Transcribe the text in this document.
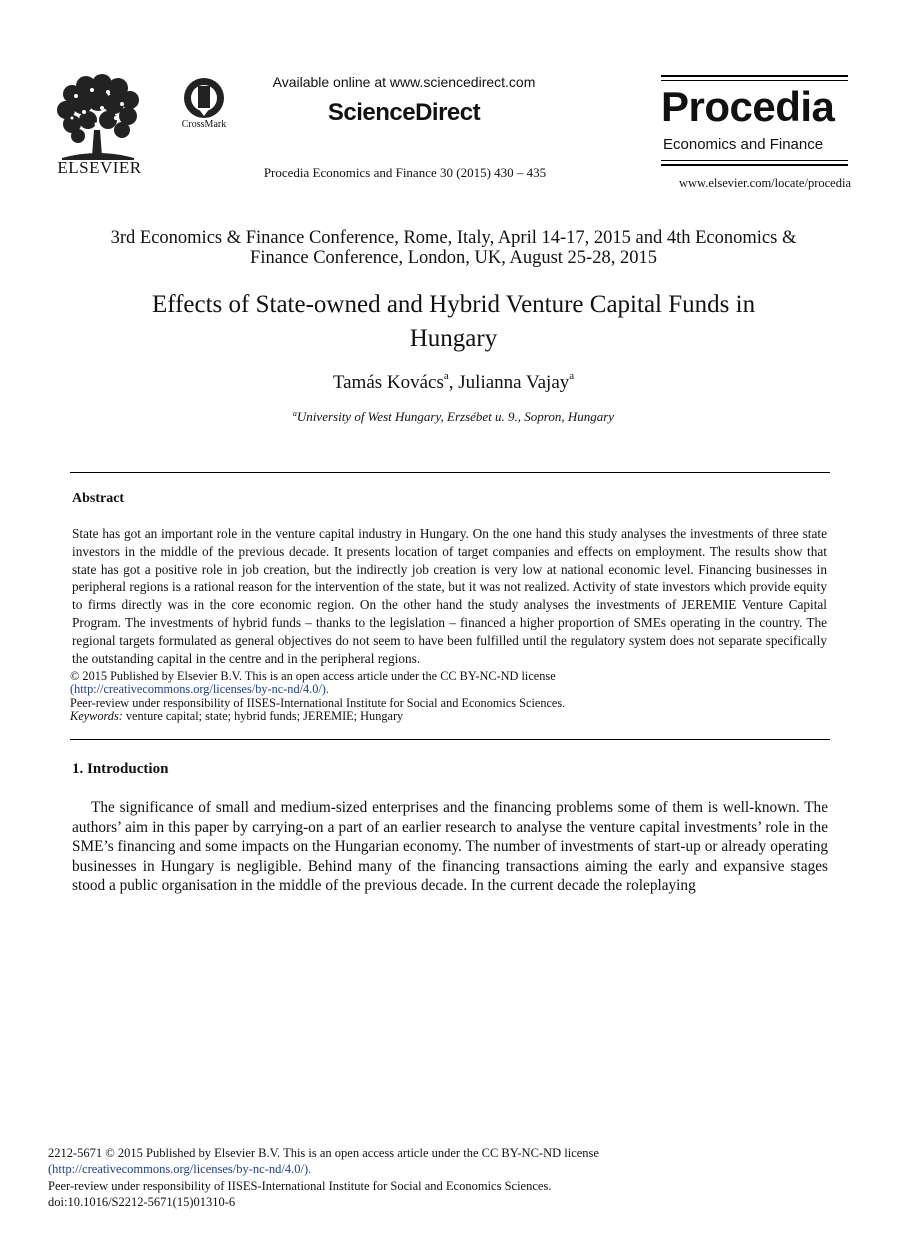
ELSEVIER
CrossMark
Available online at www.sciencedirect.com
ScienceDirect
Procedia Economics and Finance 30 (2015) 430 – 435
Procedia
Economics and Finance
www.elsevier.com/locate/procedia
3rd Economics & Finance Conference, Rome, Italy, April 14-17, 2015 and 4th Economics &
Finance Conference, London, UK, August 25-28, 2015
Effects of State-owned and Hybrid Venture Capital Funds in
Hungary
Tamás Kovács$^a$, Julianna Vajay$^a$
$^a$University of West Hungary, Erzsébet u. 9., Sopron, Hungary
Abstract
State has got an important role in the venture capital industry in Hungary. On the one hand this study analyses the investments of three state investors in the middle of the previous decade. It presents location of target companies and effects on employment. The results show that state has got a positive role in job creation, but the indirectly job creation is very low at national economic level. Financing businesses in peripheral regions is a rational reason for the intervention of the state, but it was not realized. Activity of state investors which provide equity to firms directly was in the core economic region. On the other hand the study analyses the investments of JEREMIE Venture Capital Program. The investments of hybrid funds – thanks to the legislation – financed a higher proportion of SMEs operating in the country. The regional targets formulated as general objectives do not seem to have been fulfilled until the regulatory system does not separate specifically the outstanding capital in the centre and in the peripheral regions.
© 2015 Published by Elsevier B.V. This is an open access article under the CC BY-NC-ND license
(http://creativecommons.org/licenses/by-nc-nd/4.0/).
Peer-review under responsibility of IISES-International Institute for Social and Economics Sciences.
Keywords: venture capital; state; hybrid funds; JEREMIE; Hungary
1. Introduction
The significance of small and medium-sized enterprises and the financing problems some of them is well-known. The authors’ aim in this paper by carrying-on a part of an earlier research to analyse the venture capital investments’ role in the SME’s financing and some impacts on the Hungarian economy. The number of investments of start-up or already operating businesses in Hungary is negligible. Behind many of the financing transactions aiming the early and expansive stages stood a public organisation in the middle of the previous decade. In the current decade the roleplaying
2212-5671 © 2015 Published by Elsevier B.V. This is an open access article under the CC BY-NC-ND license
(http://creativecommons.org/licenses/by-nc-nd/4.0/).
Peer-review under responsibility of IISES-International Institute for Social and Economics Sciences.
doi:10.1016/S2212-5671(15)01310-6
